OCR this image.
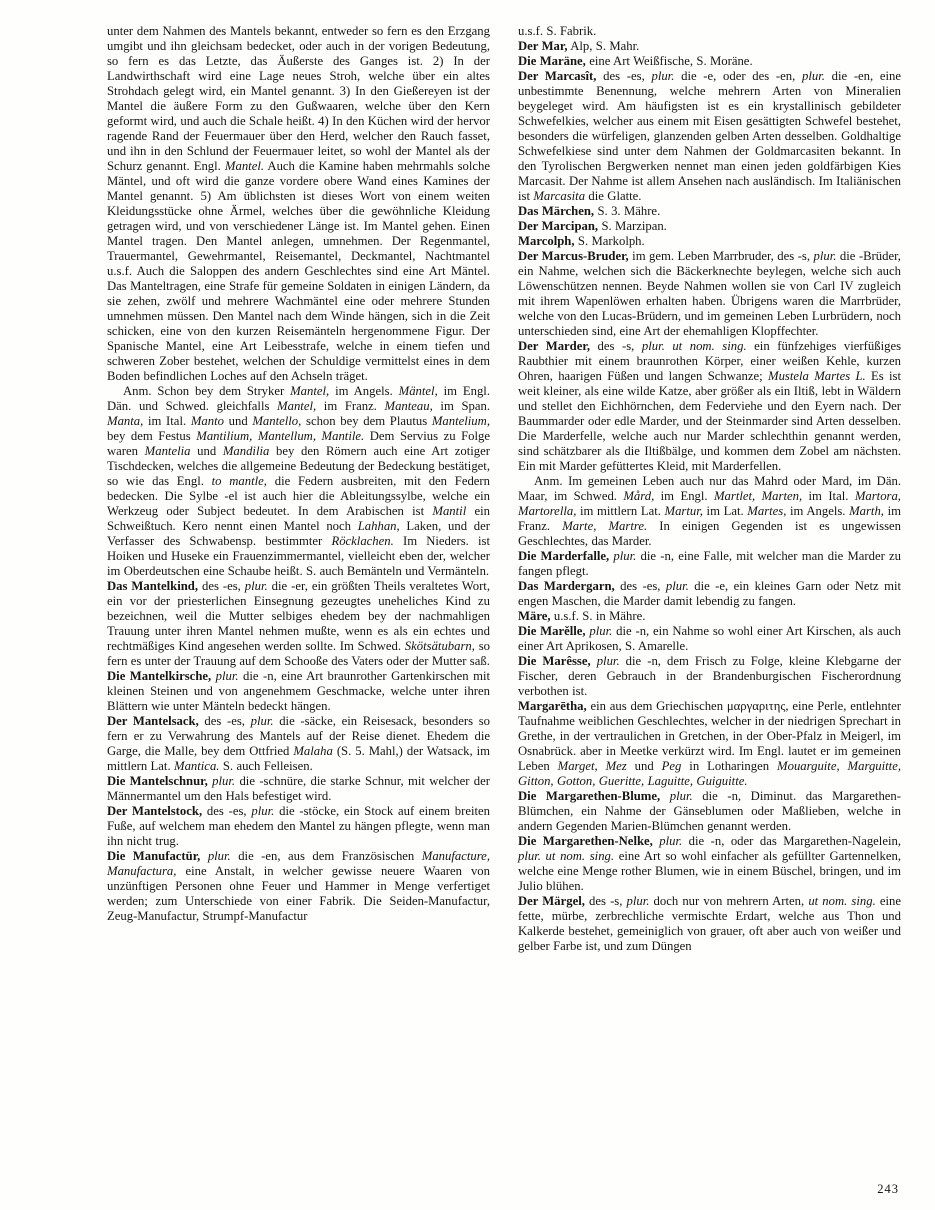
unter dem Nahmen des Mantels bekannt, entweder so fern es den Erzgang umgibt und ihn gleichsam bedecket, oder auch in der vorigen Bedeutung, so fern es das Letzte, das Äußerste des Ganges ist. 2) In der Landwirthschaft wird eine Lage neues Stroh, welche über ein altes Strohdach gelegt wird, ein Mantel genannt. 3) In den Gießereyen ist der Mantel die äußere Form zu den Gußwaaren, welche über den Kern geformt wird, und auch die Schale heißt. 4) In den Küchen wird der hervor ragende Rand der Feuermauer über den Herd, welcher den Rauch fasset, und ihn in den Schlund der Feuermauer leitet, so wohl der Mantel als der Schurz genannt. Engl. Mantel. Auch die Kamine haben mehrmahls solche Mäntel, und oft wird die ganze vordere obere Wand eines Kamines der Mantel genannt. 5) Am üblichsten ist dieses Wort von einem weiten Kleidungsstücke ohne Ärmel, welches über die gewöhnliche Kleidung getragen wird, und von verschiedener Länge ist. Im Mantel gehen. Einen Mantel tragen. Den Mantel anlegen, umnehmen. Der Regenmantel, Trauermantel, Gewehrmantel, Reisemantel, Deckmantel, Nachtmantel u.s.f. Auch die Saloppen des andern Geschlechtes sind eine Art Mäntel. Das Manteltragen, eine Strafe für gemeine Soldaten in einigen Ländern, da sie zehen, zwölf und mehrere Wachmäntel eine oder mehrere Stunden umnehmen müssen. Den Mantel nach dem Winde hängen, sich in die Zeit schicken, eine von den kurzen Reisemänteln hergenommene Figur. Der Spanische Mantel, eine Art Leibesstrafe, welche in einem tiefen und schweren Zober bestehet, welchen der Schuldige vermittelst eines in dem Boden befindlichen Loches auf den Achseln träget.

Anm. Schon bey dem Stryker Mantel, im Angels. Mäntel, im Engl. Dän. und Schwed. gleichfalls Mantel, im Franz. Manteau, im Span. Manta, im Ital. Manto und Mantello, schon bey dem Plautus Mantelium, bey dem Festus Mantilium, Mantellum, Mantile. Dem Servius zu Folge waren Mantelia und Mandilia bey den Römern auch eine Art zotiger Tischdecken, welches die allgemeine Bedeutung der Bedeckung bestätiget, so wie das Engl. to mantle, die Federn ausbreiten, mit den Federn bedecken. Die Sylbe -el ist auch hier die Ableitungssylbe, welche ein Werkzeug oder Subject bedeutet. In dem Arabischen ist Mantil ein Schweißtuch. Kero nennt einen Mantel noch Lahhan, Laken, und der Verfasser des Schwabensp. bestimmter Röcklachen. Im Nieders. ist Hoiken und Huseke ein Frauenzimmermantel, vielleicht eben der, welcher im Oberdeutschen eine Schaube heißt. S. auch Bemänteln und Vermänteln.

Das Mantelkind, des -es, plur. die -er, ein größten Theils veraltetes Wort, ein vor der priesterlichen Einsegnung gezeugtes uneheliches Kind zu bezeichnen, weil die Mutter selbiges ehedem bey der nachmahligen Trauung unter ihren Mantel nehmen mußte, wenn es als ein echtes und rechtmäßiges Kind angesehen werden sollte. Im Schwed. Skötsätubarn, so fern es unter der Trauung auf dem Schooße des Vaters oder der Mutter saß.

Die Mantelkirsche, plur. die -n, eine Art braunrother Gartenkirschen mit kleinen Steinen und von angenehmem Geschmacke, welche unter ihren Blättern wie unter Mänteln bedeckt hängen.

Der Mantelsack, des -es, plur. die -säcke, ein Reisesack, besonders so fern er zu Verwahrung des Mantels auf der Reise dienet. Ehedem die Garge, die Malle, bey dem Ottfried Malaha (S. 5. Mahl,) der Watsack, im mittlern Lat. Mantica. S. auch Felleisen.

Die Mantelschnur, plur. die -schnüre, die starke Schnur, mit welcher der Männermantel um den Hals befestiget wird.

Der Mantelstock, des -es, plur. die -stöcke, ein Stock auf einem breiten Fuße, auf welchem man ehedem den Mantel zu hängen pflegte, wenn man ihn nicht trug.

Die Manufactür, plur. die -en, aus dem Französischen Manufacture, Manufactura, eine Anstalt, in welcher gewisse neuere Waaren von unzünftigen Personen ohne Feuer und Hammer in Menge verfertiget werden; zum Unterschiede von einer Fabrik. Die Seiden-Manufactur, Zeug-Manufactur, Strumpf-Manufactur

u.s.f. S. Fabrik.

Der Mar, Alp, S. Mahr.

Die Maräne, eine Art Weißfische, S. Moräne.

Der Marcasît, des -es, plur. die -e, oder des -en, plur. die -en, eine unbestimmte Benennung, welche mehrern Arten von Mineralien beygeleget wird. Am häufigsten ist es ein krystallinisch gebildeter Schwefelkies, welcher aus einem mit Eisen gesättigten Schwefel bestehet, besonders die würfeligen, glanzenden gelben Arten desselben. Goldhaltige Schwefelkiese sind unter dem Nahmen der Goldmarcasiten bekannt. In den Tyrolischen Bergwerken nennet man einen jeden goldfärbigen Kies Marcasit. Der Nahme ist allem Ansehen nach ausländisch. Im Italiänischen ist Marcasita die Glatte.

Das Märchen, S. 3. Mähre.

Der Marcipan, S. Marzipan.

Marcolph, S. Markolph.

Der Marcus-Bruder, im gem. Leben Marrbruder, des -s, plur. die -Brüder, ein Nahme, welchen sich die Bäckerknechte beylegen, welche sich auch Löwenschützen nennen. Beyde Nahmen wollen sie von Carl IV zugleich mit ihrem Wapenlöwen erhalten haben. Übrigens waren die Marrbrüder, welche von den Lucas-Brüdern, und im gemeinen Leben Lurbrüdern, noch unterschieden sind, eine Art der ehemahligen Klopffechter.

Der Marder, des -s, plur. ut nom. sing. ein fünfzehiges vierfüßiges Raubthier mit einem braunrothen Körper, einer weißen Kehle, kurzen Ohren, haarigen Füßen und langen Schwanze; Mustela Martes L. Es ist weit kleiner, als eine wilde Katze, aber größer als ein Iltiß, lebt in Wäldern und stellet den Eichhörnchen, dem Federviehe und den Eyern nach. Der Baummarder oder edle Marder, und der Steinmarder sind Arten desselben. Die Marderfelle, welche auch nur Marder schlechthin genannt werden, sind schätzbarer als die Iltißbälge, und kommen dem Zobel am nächsten. Ein mit Marder gefüttertes Kleid, mit Marderfellen.

Anm. Im gemeinen Leben auch nur das Mahrd oder Mard, im Dän. Maar, im Schwed. Mård, im Engl. Martlet, Marten, im Ital. Martora, Martorella, im mittlern Lat. Martur, im Lat. Martes, im Angels. Marth, im Franz. Marte, Martre. In einigen Gegenden ist es ungewissen Geschlechtes, das Marder.

Die Marderfalle, plur. die -n, eine Falle, mit welcher man die Marder zu fangen pflegt.

Das Mardergarn, des -es, plur. die -e, ein kleines Garn oder Netz mit engen Maschen, die Marder damit lebendig zu fangen.

Märe, u.s.f. S. in Mähre.

Die Marělle, plur. die -n, ein Nahme so wohl einer Art Kirschen, als auch einer Art Aprikosen, S. Amarelle.

Die Marêsse, plur. die -n, dem Frisch zu Folge, kleine Klebgarne der Fischer, deren Gebrauch in der Brandenburgischen Fischerordnung verbothen ist.

Margarētha, ein aus dem Griechischen μαργαριτης, eine Perle, entlehnter Taufnahme weiblichen Geschlechtes, welcher in der niedrigen Sprechart in Grethe, in der vertraulichen in Gretchen, in der Ober-Pfalz in Meigerl, im Osnabrück. aber in Meetke verkürzt wird. Im Engl. lautet er im gemeinen Leben Marget, Mez und Peg in Lotharingen Mouarguite, Marguitte, Gitton, Gotton, Gueritte, Laguitte, Guiguitte.

Die Margarethen-Blume, plur. die -n, Diminut. das Margarethen-Blümchen, ein Nahme der Gänseblumen oder Maßlieben, welche in andern Gegenden Marien-Blümchen genannt werden.

Die Margarethen-Nelke, plur. die -n, oder das Margarethen-Nagelein, plur. ut nom. sing. eine Art so wohl einfacher als gefüllter Gartennelken, welche eine Menge rother Blumen, wie in einem Büschel, bringen, und im Julio blühen.

Der Märgel, des -s, plur. doch nur von mehrern Arten, ut nom. sing. eine fette, mürbe, zerbrechliche vermischte Erdart, welche aus Thon und Kalkerde bestehet, gemeiniglich von grauer, oft aber auch von weißer und gelber Farbe ist, und zum Düngen

243
